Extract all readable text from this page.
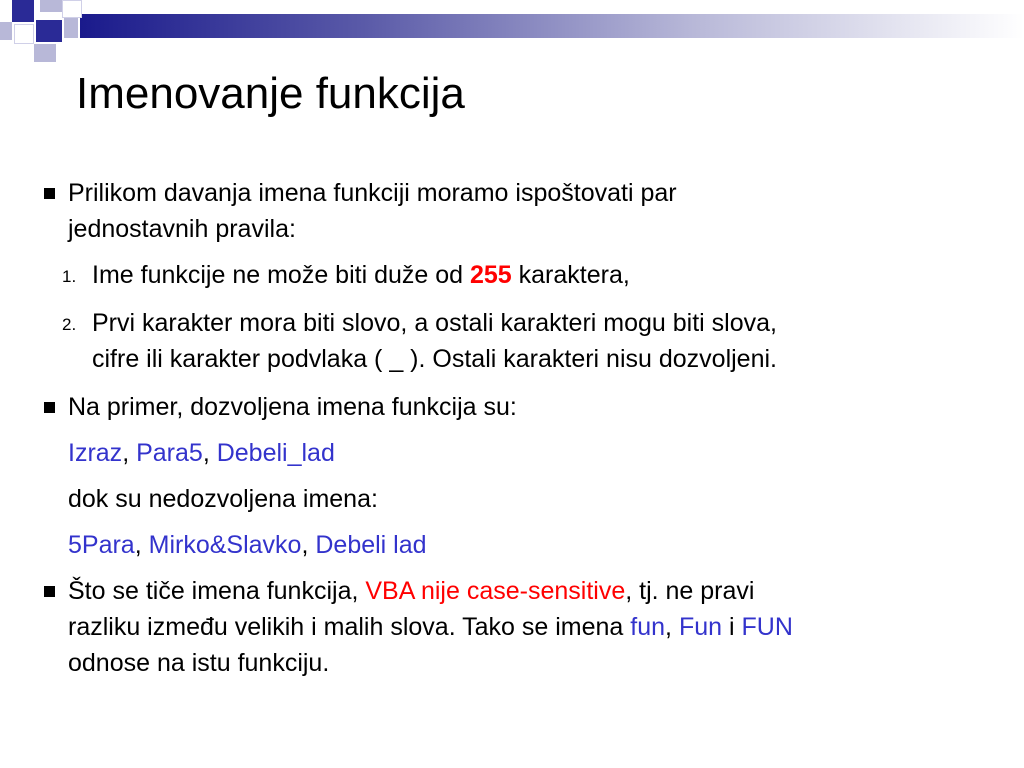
Imenovanje funkcija
Prilikom davanja imena funkciji moramo ispoštovati par
jednostavnih pravila:
1. Ime funkcije ne može biti duže od 255 karaktera,
2. Prvi karakter mora biti slovo, a ostali karakteri mogu biti slova,
cifre ili karakter podvlaka ( _ ). Ostali karakteri nisu dozvoljeni.
Na primer, dozvoljena imena funkcija su:
Izraz, Para5, Debeli_lad
dok su nedozvoljena imena:
5Para, Mirko&Slavko, Debeli lad
Što se tiče imena funkcija, VBA nije case-sensitive, tj. ne pravi
razliku između velikih i malih slova. Tako se imena fun, Fun i FUN
odnose na istu funkciju.
